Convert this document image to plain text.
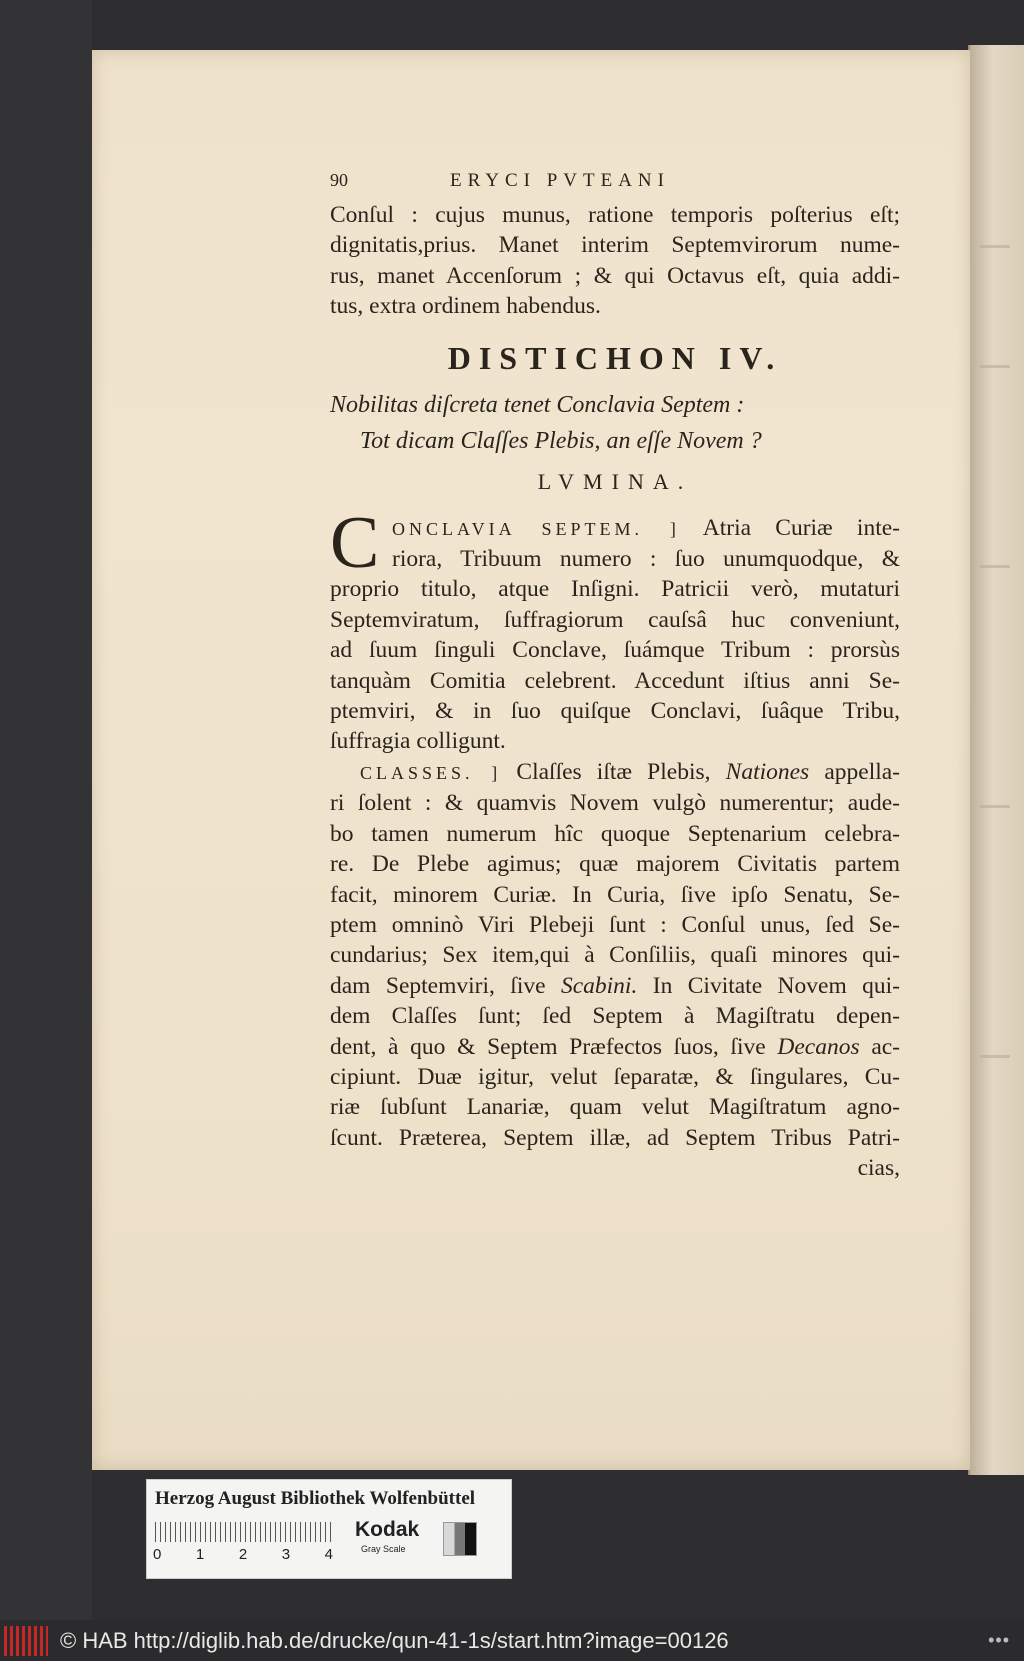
90	ERYCI PVTEANI
Conſul : cujus munus, ratione temporis poſterius eſt;
dignitatis,prius. Manet interim Septemvirorum nume-
rus, manet Accenſorum ; & qui Octavus eſt, quia addi-
tus, extra ordinem habendus.
DISTICHON IV.
Nobilitas diſcreta tenet Conclavia Septem :
Tot dicam Claſſes Plebis, an eſſe Novem ?
LVMINA.
C ONCLAVIA SEPTEM. ] Atria Curiæ inte-
riora, Tribuum numero : ſuo unumquodque, &
proprio titulo, atque Inſigni. Patricii verò, mutaturi
Septemviratum, ſuffragiorum cauſsâ huc conveniunt,
ad ſuum ſinguli Conclave, ſuámque Tribum : prorsùs
tanquàm Comitia celebrent. Accedunt iſtius anni Se-
ptemviri, & in ſuo quiſque Conclavi, ſuâque Tribu,
ſuffragia colligunt.
CLASSES. ] Claſſes iſtæ Plebis, Nationes appella-
ri ſolent : & quamvis Novem vulgò numerentur; aude-
bo tamen numerum hîc quoque Septenarium celebra-
re. De Plebe agimus; quæ majorem Civitatis partem
facit, minorem Curiæ. In Curia, ſive ipſo Senatu, Se-
ptem omninò Viri Plebeji ſunt : Conſul unus, ſed Se-
cundarius; Sex item,qui à Conſiliis, quaſi minores qui-
dam Septemviri, ſive Scabini. In Civitate Novem qui-
dem Claſſes ſunt; ſed Septem à Magiſtratu depen-
dent, à quo & Septem Præfectos ſuos, ſive Decanos ac-
cipiunt. Duæ igitur, velut ſeparatæ, & ſingulares, Cu-
riæ ſubſunt Lanariæ, quam velut Magiſtratum agno-
ſcunt. Præterea, Septem illæ, ad Septem Tribus Patri-
cias,
Herzog August Bibliothek Wolfenbüttel
0 1 2 3 4
Kodak
Gray Scale
© HAB http://diglib.hab.de/drucke/qun-41-1s/start.htm?image=00126	•••
